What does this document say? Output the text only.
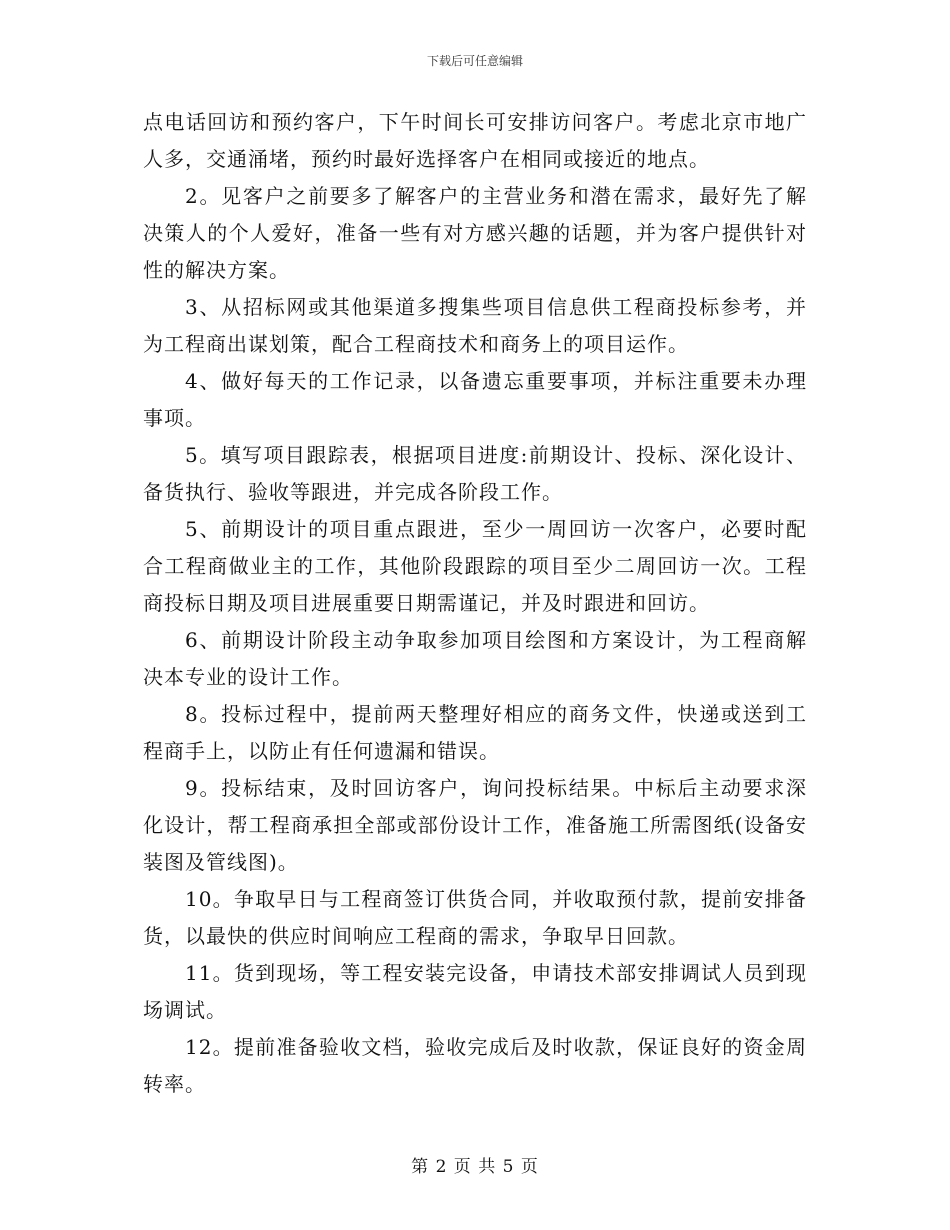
下载后可任意编辑

点电话回访和预约客户，下午时间长可安排访问客户。考虑北京市地广人多，交通涌堵，预约时最好选择客户在相同或接近的地点。

2。见客户之前要多了解客户的主营业务和潜在需求，最好先了解决策人的个人爱好，准备一些有对方感兴趣的话题，并为客户提供针对性的解决方案。

3、从招标网或其他渠道多搜集些项目信息供工程商投标参考，并为工程商出谋划策，配合工程商技术和商务上的项目运作。

4、做好每天的工作记录，以备遗忘重要事项，并标注重要未办理事项。

5。填写项目跟踪表，根据项目进度:前期设计、投标、深化设计、备货执行、验收等跟进，并完成各阶段工作。

5、前期设计的项目重点跟进，至少一周回访一次客户，必要时配合工程商做业主的工作，其他阶段跟踪的项目至少二周回访一次。工程商投标日期及项目进展重要日期需谨记，并及时跟进和回访。

6、前期设计阶段主动争取参加项目绘图和方案设计，为工程商解决本专业的设计工作。

8。投标过程中，提前两天整理好相应的商务文件，快递或送到工程商手上，以防止有任何遗漏和错误。

9。投标结束，及时回访客户，询问投标结果。中标后主动要求深化设计，帮工程商承担全部或部份设计工作，准备施工所需图纸(设备安装图及管线图)。

10。争取早日与工程商签订供货合同，并收取预付款，提前安排备货，以最快的供应时间响应工程商的需求，争取早日回款。

11。货到现场，等工程安装完设备，申请技术部安排调试人员到现场调试。

12。提前准备验收文档，验收完成后及时收款，保证良好的资金周转率。

第 2 页 共 5 页
